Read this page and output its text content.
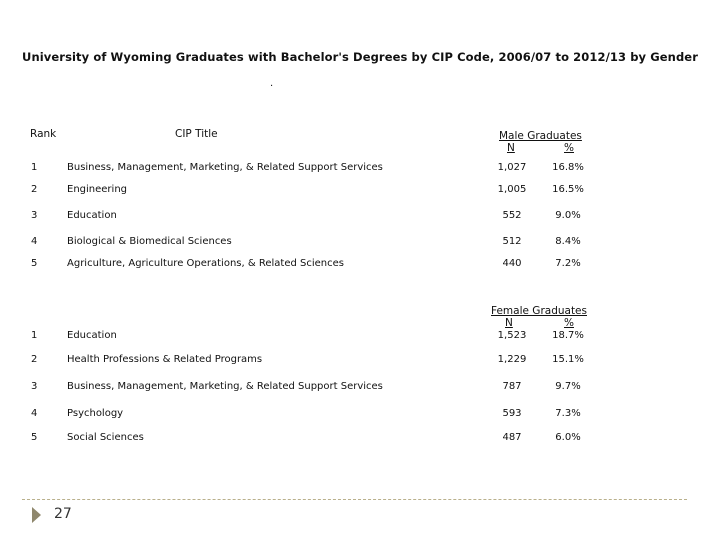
University of Wyoming Graduates with Bachelor's Degrees by CIP Code, 2006/07 to 2012/13 by Gender
.
Rank	CIP Title	Male Graduates
N	%
1	Business, Management, Marketing, & Related Support Services	1,027	16.8%
2	Engineering	1,005	16.5%
3	Education	552	9.0%
4	Biological & Biomedical Sciences	512	8.4%
5	Agriculture, Agriculture Operations, & Related Sciences	440	7.2%
Female Graduates
N	%
1	Education	1,523	18.7%
2	Health Professions & Related Programs	1,229	15.1%
3	Business, Management, Marketing, & Related Support Services	787	9.7%
4	Psychology	593	7.3%
5	Social Sciences	487	6.0%
27
